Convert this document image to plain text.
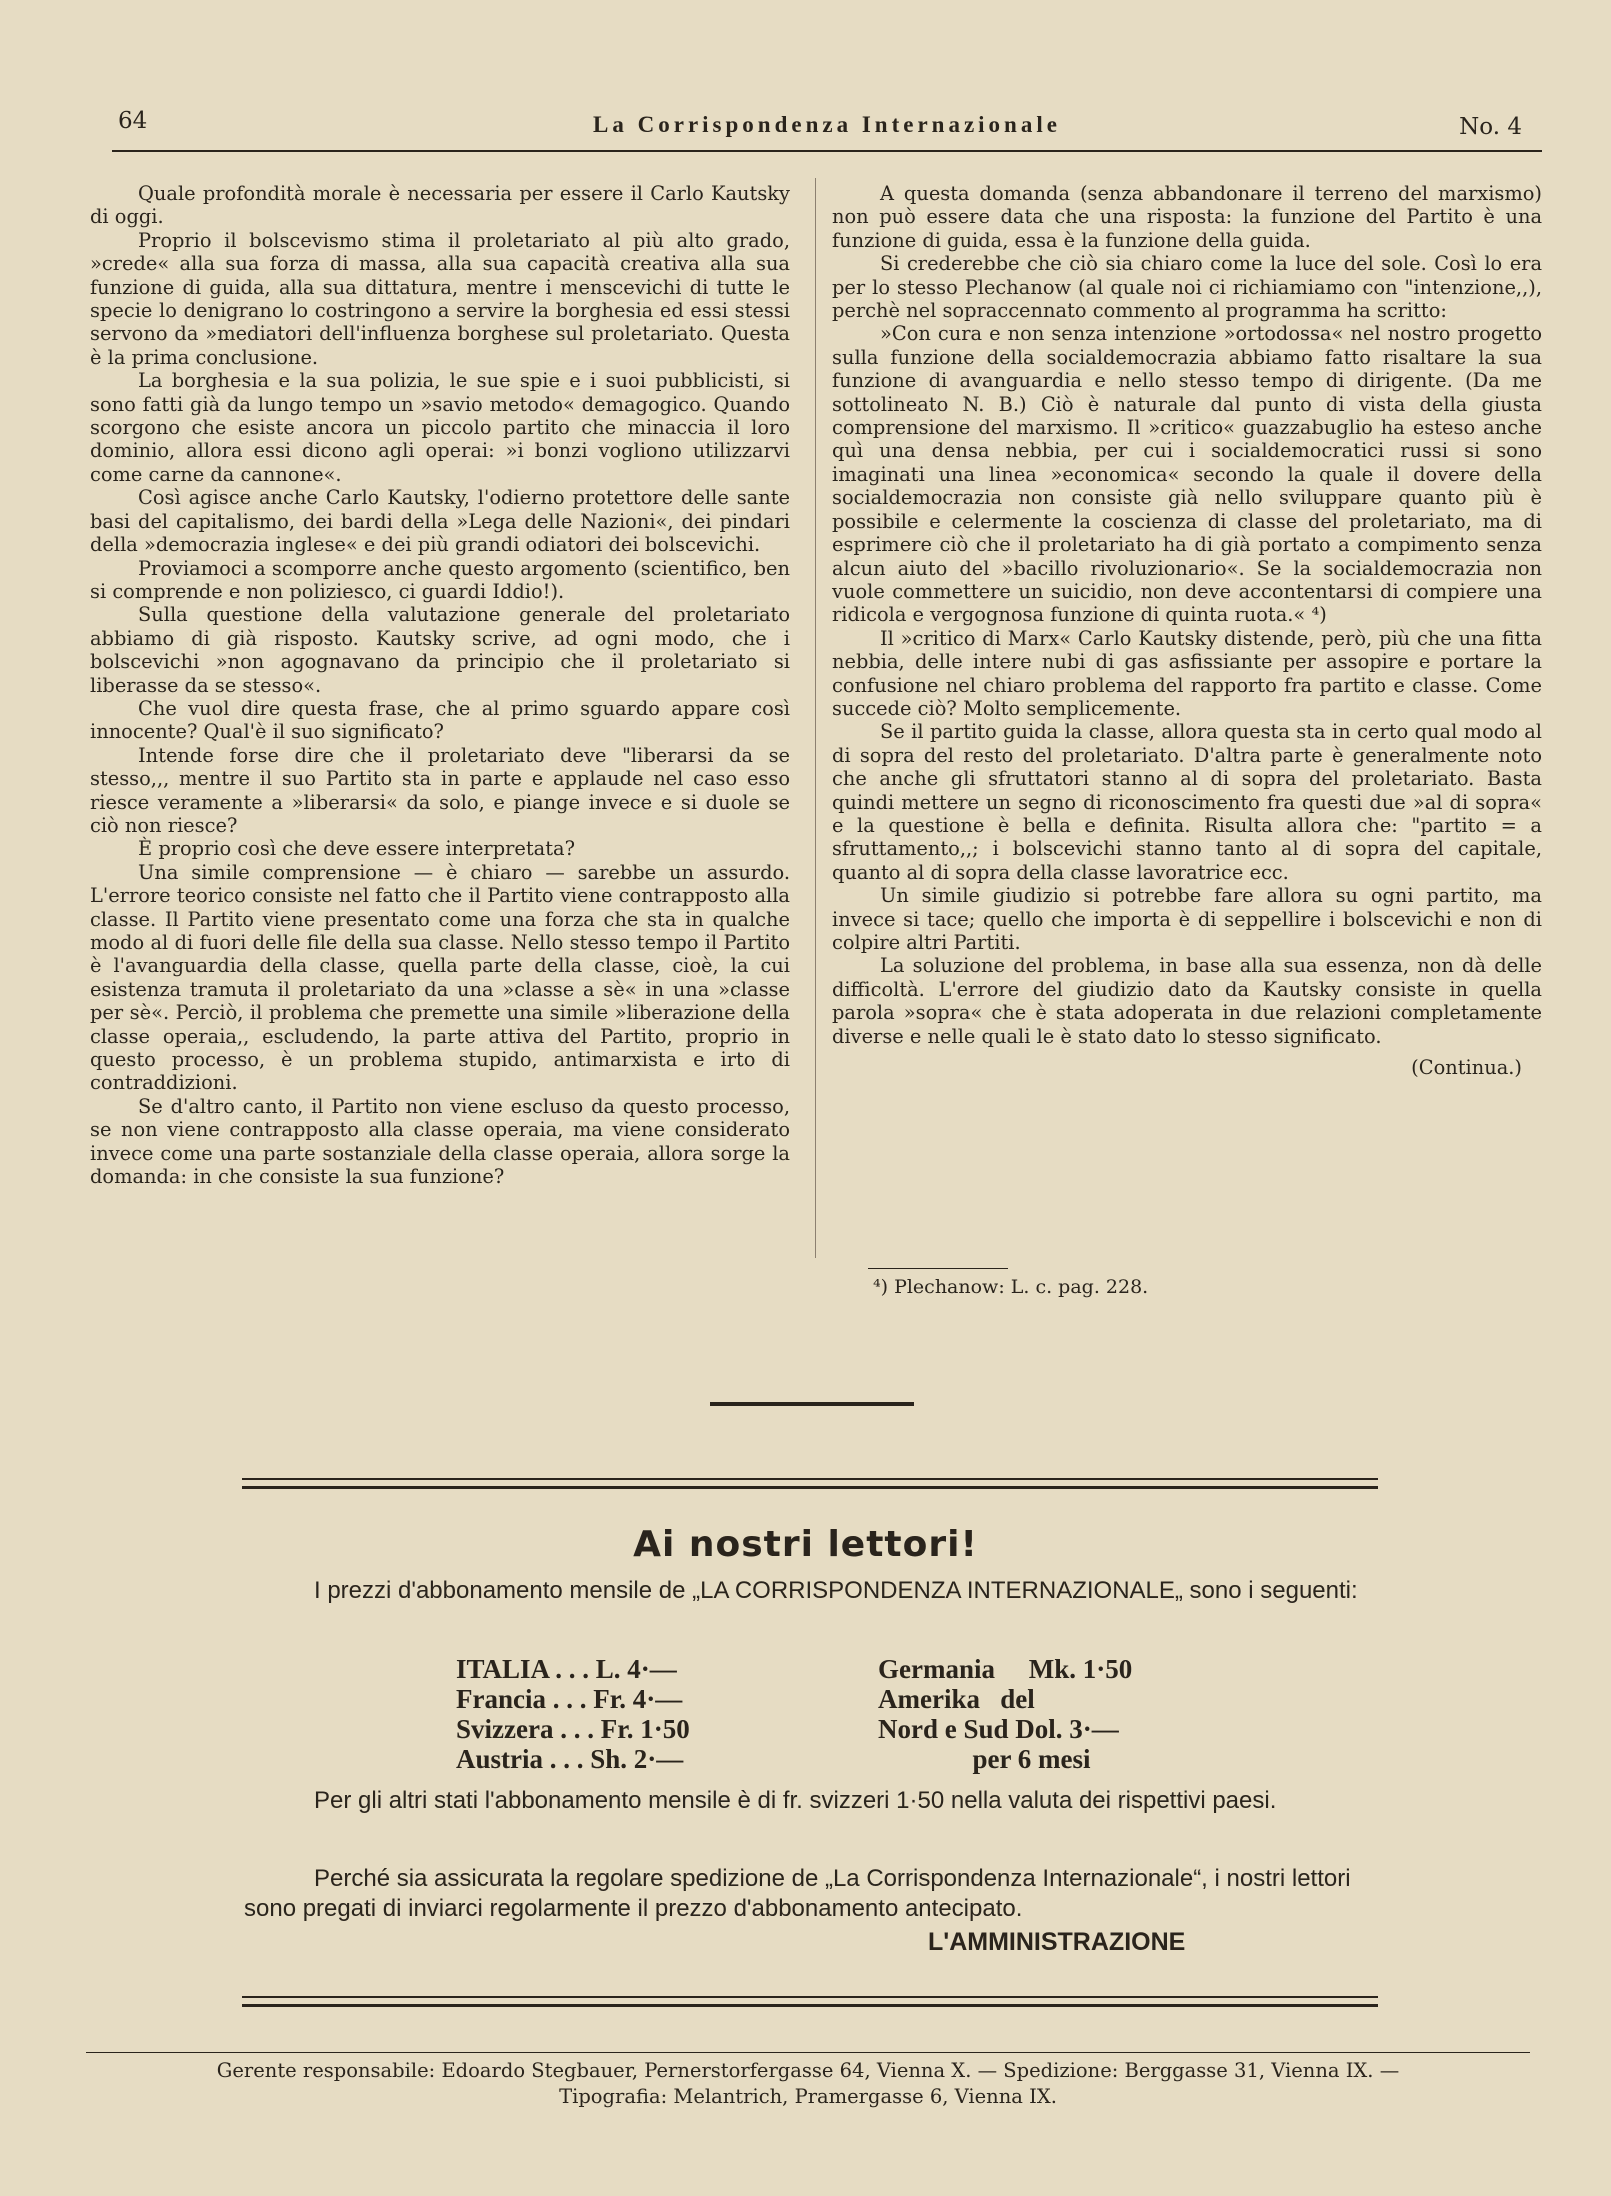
64	La Corrispondenza Internazionale	No. 4

Quale profondità morale è necessaria per essere il Carlo Kautsky di oggi.

Proprio il bolscevismo stima il proletariato al più alto grado, »crede« alla sua forza di massa, alla sua capacità creativa alla sua funzione di guida, alla sua dittatura, mentre i menscevichi di tutte le specie lo denigrano lo costringono a servire la borghesia ed essi stessi servono da »mediatori dell'influenza borghese sul proletariato. Questa è la prima conclusione.

La borghesia e la sua polizia, le sue spie e i suoi pubblicisti, si sono fatti già da lungo tempo un »savio metodo« demagogico. Quando scorgono che esiste ancora un piccolo partito che minaccia il loro dominio, allora essi dicono agli operai: »i bonzi vogliono utilizzarvi come carne da cannone«.

Così agisce anche Carlo Kautsky, l'odierno protettore delle sante basi del capitalismo, dei bardi della »Lega delle Nazioni«, dei pindari della »democrazia inglese« e dei più grandi odiatori dei bolscevichi.

Proviamoci a scomporre anche questo argomento (scientifico, ben si comprende e non poliziesco, ci guardi Iddio!).

Sulla questione della valutazione generale del proletariato abbiamo di già risposto. Kautsky scrive, ad ogni modo, che i bolscevichi »non agognavano da principio che il proletariato si liberasse da se stesso«.

Che vuol dire questa frase, che al primo sguardo appare così innocente? Qual'è il suo significato?

Intende forse dire che il proletariato deve "liberarsi da se stesso,,, mentre il suo Partito sta in parte e applaude nel caso esso riesce veramente a »liberarsi« da solo, e piange invece e si duole se ciò non riesce?

È proprio così che deve essere interpretata?

Una simile comprensione — è chiaro — sarebbe un assurdo. L'errore teorico consiste nel fatto che il Partito viene contrapposto alla classe. Il Partito viene presentato come una forza che sta in qualche modo al di fuori delle file della sua classe. Nello stesso tempo il Partito è l'avanguardia della classe, quella parte della classe, cioè, la cui esistenza tramuta il proletariato da una »classe a sè« in una »classe per sè«. Perciò, il problema che premette una simile »liberazione della classe operaia,, escludendo, la parte attiva del Partito, proprio in questo processo, è un problema stupido, antimarxista e irto di contraddizioni.

Se d'altro canto, il Partito non viene escluso da questo processo, se non viene contrapposto alla classe operaia, ma viene considerato invece come una parte sostanziale della classe operaia, allora sorge la domanda: in che consiste la sua funzione?

A questa domanda (senza abbandonare il terreno del marxismo) non può essere data che una risposta: la funzione del Partito è una funzione di guida, essa è la funzione della guida.

Si crederebbe che ciò sia chiaro come la luce del sole. Così lo era per lo stesso Plechanow (al quale noi ci richiamiamo con "intenzione,,), perchè nel sopraccennato commento al programma ha scritto:

»Con cura e non senza intenzione »ortodossa« nel nostro progetto sulla funzione della socialdemocrazia abbiamo fatto risaltare la sua funzione di avanguardia e nello stesso tempo di dirigente. (Da me sottolineato N. B.) Ciò è naturale dal punto di vista della giusta comprensione del marxismo. Il »critico« guazzabuglio ha esteso anche quì una densa nebbia, per cui i socialdemocratici russi si sono imaginati una linea »economica« secondo la quale il dovere della socialdemocrazia non consiste già nello sviluppare quanto più è possibile e celermente la coscienza di classe del proletariato, ma di esprimere ciò che il proletariato ha di già portato a compimento senza alcun aiuto del »bacillo rivoluzionario«. Se la socialdemocrazia non vuole commettere un suicidio, non deve accontentarsi di compiere una ridicola e vergognosa funzione di quinta ruota.« ⁴)

Il »critico di Marx« Carlo Kautsky distende, però, più che una fitta nebbia, delle intere nubi di gas asfissiante per assopire e portare la confusione nel chiaro problema del rapporto fra partito e classe. Come succede ciò? Molto semplicemente.

Se il partito guida la classe, allora questa sta in certo qual modo al di sopra del resto del proletariato. D'altra parte è generalmente noto che anche gli sfruttatori stanno al di sopra del proletariato. Basta quindi mettere un segno di riconoscimento fra questi due »al di sopra« e la questione è bella e definita. Risulta allora che: "partito = a sfruttamento,,; i bolscevichi stanno tanto al di sopra del capitale, quanto al di sopra della classe lavoratrice ecc.

Un simile giudizio si potrebbe fare allora su ogni partito, ma invece si tace; quello che importa è di seppellire i bolscevichi e non di colpire altri Partiti.

La soluzione del problema, in base alla sua essenza, non dà delle difficoltà. L'errore del giudizio dato da Kautsky consiste in quella parola »sopra« che è stata adoperata in due relazioni completamente diverse e nelle quali le è stato dato lo stesso significato.

(Continua.)

⁴) Plechanow: L. c. pag. 228.
Ai nostri lettori!

I prezzi d'abbonamento mensile de „LA CORRISPONDENZA INTERNAZIONALE„ sono i seguenti:

ITALIA . . . L. 4·—
Francia . . . Fr. 4·—
Svizzera . . . Fr. 1·50
Austria . . . Sh. 2·—
Germania     Mk. 1·50
Amerika   del
Nord e Sud Dol. 3·—
per 6 mesi

Per gli altri stati l'abbonamento mensile è di fr. svizzeri 1·50 nella valuta dei rispettivi paesi.

Perché sia assicurata la regolare spedizione de „La Corrispondenza Internazionale“, i nostri lettori sono pregati di inviarci regolarmente il prezzo d'abbonamento antecipato.

L'AMMINISTRAZIONE
Gerente responsabile: Edoardo Stegbauer, Pernerstorfergasse 64, Vienna X. — Spedizione: Berggasse 31, Vienna IX. —
Tipografia: Melantrich, Pramergasse 6, Vienna IX.
